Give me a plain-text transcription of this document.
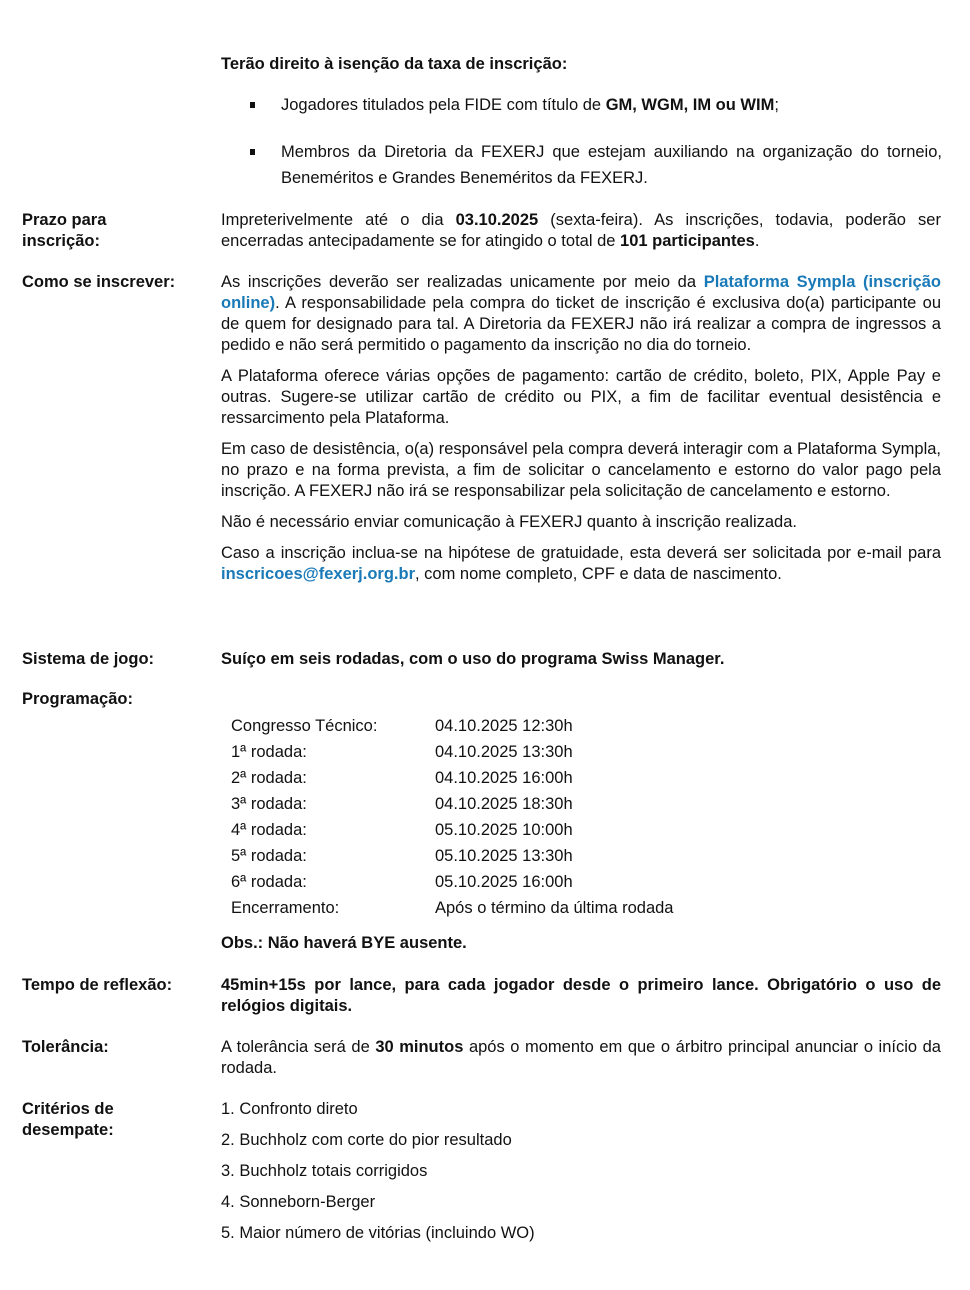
Terão direito à isenção da taxa de inscrição:
Jogadores titulados pela FIDE com título de GM, WGM, IM ou WIM;
Membros da Diretoria da FEXERJ que estejam auxiliando na organização do torneio, Beneméritos e Grandes Beneméritos da FEXERJ.
Prazo para inscrição:
Impreterivelmente até o dia 03.10.2025 (sexta-feira). As inscrições, todavia, poderão ser encerradas antecipadamente se for atingido o total de 101 participantes.
Como se inscrever:	As inscrições deverão ser realizadas unicamente por meio da Plataforma Sympla (inscrição online). A responsabilidade pela compra do ticket de inscrição é exclusiva do(a) participante ou de quem for designado para tal. A Diretoria da FEXERJ não irá realizar a compra de ingressos a pedido e não será permitido o pagamento da inscrição no dia do torneio.

A Plataforma oferece várias opções de pagamento: cartão de crédito, boleto, PIX, Apple Pay e outras. Sugere-se utilizar cartão de crédito ou PIX, a fim de facilitar eventual desistência e ressarcimento pela Plataforma.

Em caso de desistência, o(a) responsável pela compra deverá interagir com a Plataforma Sympla, no prazo e na forma prevista, a fim de solicitar o cancelamento e estorno do valor pago pela inscrição. A FEXERJ não irá se responsabilizar pela solicitação de cancelamento e estorno.

Não é necessário enviar comunicação à FEXERJ quanto à inscrição realizada.

Caso a inscrição inclua-se na hipótese de gratuidade, esta deverá ser solicitada por e-mail para inscricoes@fexerj.org.br, com nome completo, CPF e data de nascimento.

Sistema de jogo:	Suíço em seis rodadas, com o uso do programa Swiss Manager.
Programação:
Congresso Técnico:	04.10.2025 12:30h
1ª rodada:	04.10.2025 13:30h
2ª rodada:	04.10.2025 16:00h
3ª rodada:	04.10.2025 18:30h
4ª rodada:	05.10.2025 10:00h
5ª rodada:	05.10.2025 13:30h
6ª rodada:	05.10.2025 16:00h
Encerramento:	Após o término da última rodada
Obs.: Não haverá BYE ausente.
Tempo de reflexão:	45min+15s por lance, para cada jogador desde o primeiro lance. Obrigatório o uso de relógios digitais.
Tolerância:	A tolerância será de 30 minutos após o momento em que o árbitro principal anunciar o início da rodada.
Critérios de desempate:
1. Confronto direto
2. Buchholz com corte do pior resultado
3. Buchholz totais corrigidos
4. Sonneborn-Berger
5. Maior número de vitórias (incluindo WO)
